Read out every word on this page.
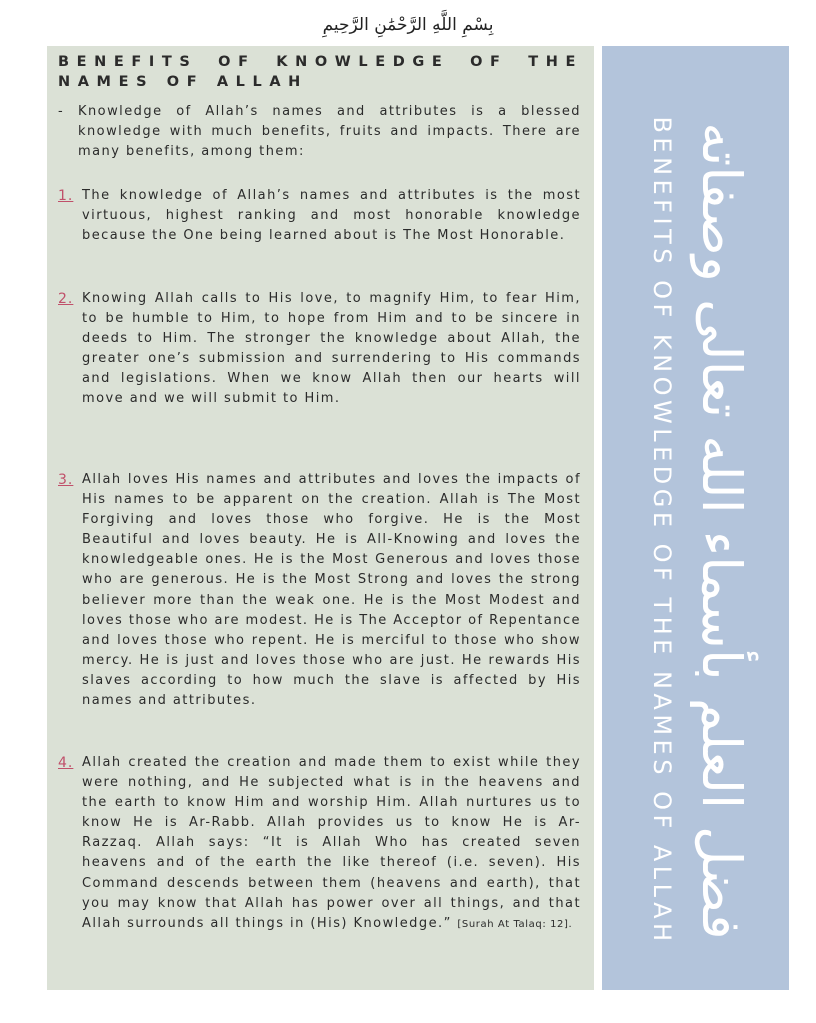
بِسْمِ اللَّهِ الرَّحْمَٰنِ الرَّحِيمِ
BENEFITS OF KNOWLEDGE OF THE NAMES OF ALLAH
- Knowledge of Allah’s names and attributes is a blessed knowledge with much benefits, fruits and impacts. There are many benefits, among them:
1. The knowledge of Allah’s names and attributes is the most virtuous, highest ranking and most honorable knowledge because the One being learned about is The Most Honorable.
2. Knowing Allah calls to His love, to magnify Him, to fear Him, to be humble to Him, to hope from Him and to be sincere in deeds to Him. The stronger the knowledge about Allah, the greater one’s submission and surrendering to His commands and legislations. When we know Allah then our hearts will move and we will submit to Him.
3. Allah loves His names and attributes and loves the impacts of His names to be apparent on the creation. Allah is The Most Forgiving and loves those who forgive. He is the Most Beautiful and loves beauty. He is All-Knowing and loves the knowledgeable ones. He is the Most Generous and loves those who are generous. He is the Most Strong and loves the strong believer more than the weak one. He is the Most Modest and loves those who are modest. He is The Acceptor of Repentance and loves those who repent. He is merciful to those who show mercy. He is just and loves those who are just. He rewards His slaves according to how much the slave is affected by His names and attributes.
4. Allah created the creation and made them to exist while they were nothing, and He subjected what is in the heavens and the earth to know Him and worship Him. Allah nurtures us to know He is Ar-Rabb. Allah provides us to know He is Ar-Razzaq. Allah says: “It is Allah Who has created seven heavens and of the earth the like thereof (i.e. seven). His Command descends between them (heavens and earth), that you may know that Allah has power over all things, and that Allah surrounds all things in (His) Knowledge.” [Surah At Talaq: 12]. فضل العلم بأسماء الله تعالى وصفاته
BENEFITS OF KNOWLEDGE OF THE NAMES OF ALLAH
